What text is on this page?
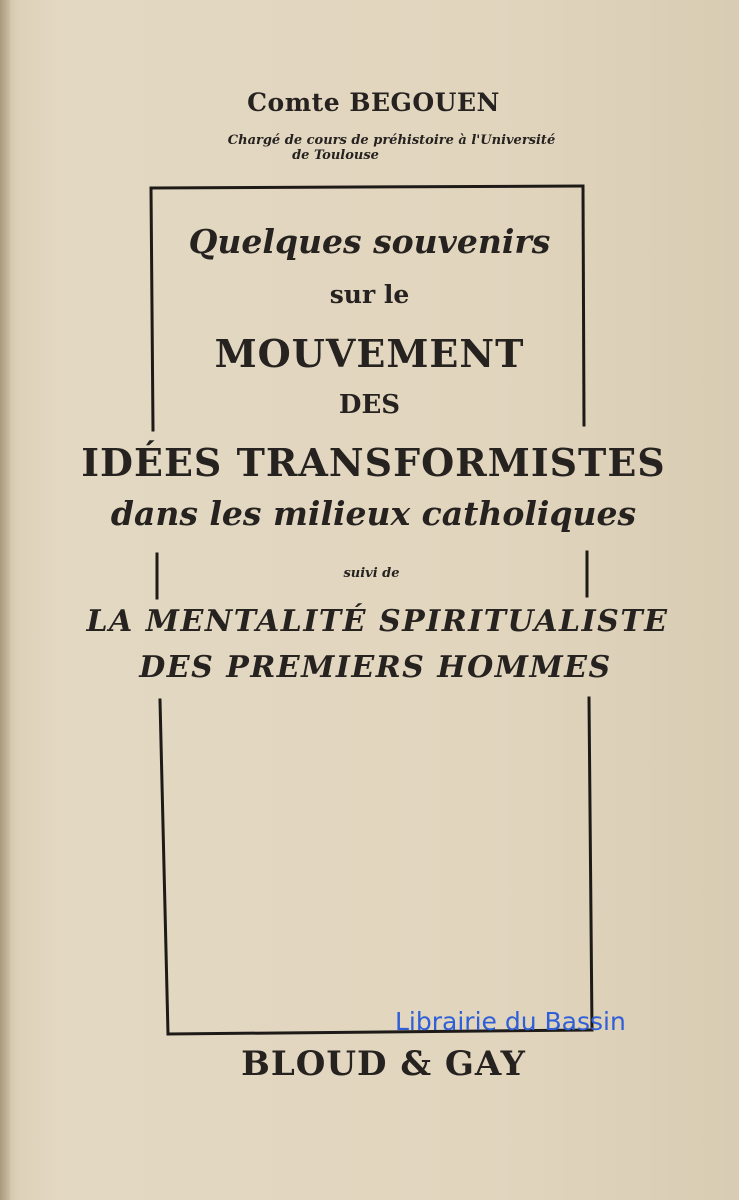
Comte BEGOUEN
Chargé de cours de préhistoire à l'Université
de Toulouse
Quelques souvenirs
sur le
MOUVEMENT
DES
IDÉES TRANSFORMISTES
dans les milieux catholiques
suivi de
LA MENTALITÉ SPIRITUALISTE
DES PREMIERS HOMMES
BLOUD & GAY
Librairie du Bassin
